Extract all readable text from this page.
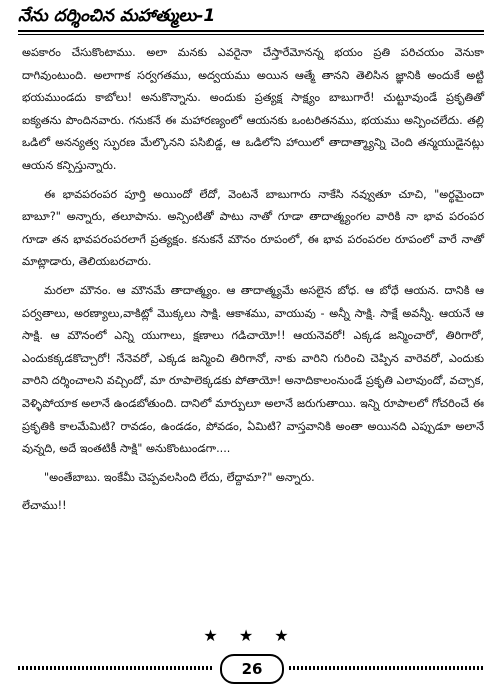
నేను దర్శించిన మహాత్ములు-1

అపకారం చేసుకొంటాము. అలా మనకు ఎవరైనా చేస్తారేమోనన్న భయం ప్రతి పరిచయం వెనుకా దాగివుంటుంది. అలాగాక సర్వగతము, అద్వయము అయిన ఆత్మే తానని తెలిసిన జ్ఞానికి అందుకే అట్టి భయముండదు కాబోలు! అనుకొన్నాను. అందుకు ప్రత్యక్ష సాక్ష్యం బాబుగారే! చుట్టూవుండే ప్రకృతితో ఐక్యతను పొందినవారు. గనుకనే ఈ మహారణ్యంలో ఆయనకు ఒంటరితనము, భయము అన్పించలేదు. తల్లి ఒడిలో అనన్యత్వ స్ఫురణ మేల్కొనని పసిబిడ్డ, ఆ ఒడిలోని హాయిలో తాదాత్మ్యాన్ని చెంది తన్మయుడైనట్లు ఆయన కన్పిస్తున్నారు.

ఈ భావపరంపర పూర్తి అయిందో లేదో, వెంటనే బాబుగారు నాకేసి నవ్వుతూ చూచి, "అర్థమైందా బాబూ?" అన్నారు, తలూపాను. అన్పింటితో పాటు నాతో గూడా తాదాత్మ్యంగల వారికి నా భావ పరంపర గూడా తన భావపరంపరలాగే ప్రత్యక్షం. కనుకనే మౌనం రూపంలో, ఈ భావ పరంపరల రూపంలో వారే నాతో మాట్లాడారు, తెలియబరచారు.

మరలా మౌనం. ఆ మౌనమే తాదాత్మ్యం. ఆ తాదాత్మ్యమే అసలైన బోధ. ఆ బోధే ఆయన. దానికి ఆ పర్వతాలు, అరణ్యాలు,వాకిట్లో మొక్కలు సాక్షి. ఆకాశము, వాయువు - అన్నీ సాక్షి. సాక్షే అవన్నీ. ఆయనే ఆ సాక్షి. ఆ మౌనంలో ఎన్ని యుగాలు, క్షణాలు గడిచాయో!! ఆయనెవరో! ఎక్కడ జన్మించారో, తిరిగారో, ఎందుకక్కడకొచ్చారో! నేనెవరో, ఎక్కడ జన్మించి తిరిగానో, నాకు వారిని గురించి చెప్పిన వారెవరో, ఎందుకు వారిని దర్శించాలని వచ్చిందో, మా రూపాలెక్కడకు పోతాయో! అనాదికాలంనుండే ప్రకృతి ఎలావుందో, వచ్చాక, వెళ్ళిపోయాక అలానే ఉండబోతుంది. దానిలో మార్పులూ అలానే జరుగుతాయి. ఇన్ని రూపాలలో గోచరించే ఈ ప్రకృతికి కాలమేమిటి? రావడం, ఉండడం, పోవడం, ఏమిటి? వాస్తవానికి అంతా అయినది ఎప్పుడూ అలానే వున్నది, అదే ఇంతటికీ సాక్షి" అనుకొంటుండగా....

"అంతేబాబు. ఇంకేమీ చెప్పవలసింది లేదు, లేద్దామా?" అన్నారు.

లేచాము!!

★ ★ ★
26
